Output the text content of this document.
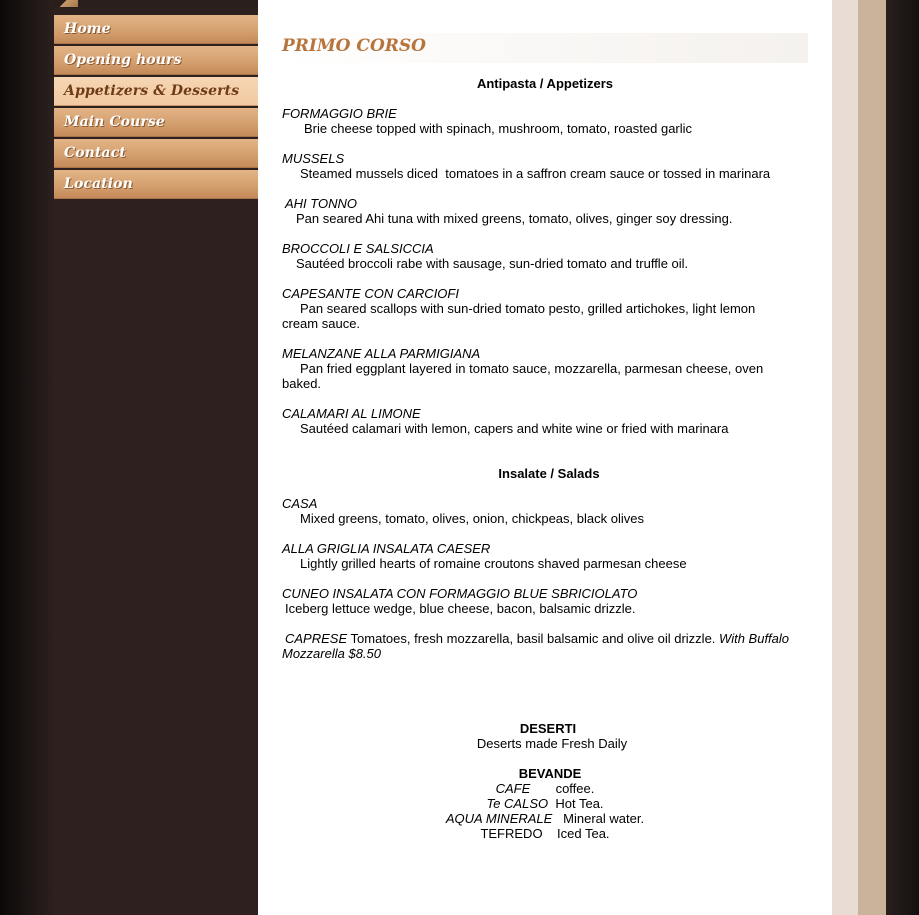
Home
Opening hours
Appetizers & Desserts
Main Course
Contact
Location
PRIMO CORSO
Antipasta / Appetizers
FORMAGGIO BRIE
Brie cheese topped with spinach, mushroom, tomato, roasted garlic
MUSSELS
Steamed mussels diced  tomatoes in a saffron cream sauce or tossed in marinara
AHI TONNO
Pan seared Ahi tuna with mixed greens, tomato, olives, ginger soy dressing.
BROCCOLI E SALSICCIA
Sautéed broccoli rabe with sausage, sun-dried tomato and truffle oil.
CAPESANTE CON CARCIOFI
Pan seared scallops with sun-dried tomato pesto, grilled artichokes, light lemon cream sauce.
MELANZANE ALLA PARMIGIANA
Pan fried eggplant layered in tomato sauce, mozzarella, parmesan cheese, oven baked.
CALAMARI AL LIMONE
Sautéed calamari with lemon, capers and white wine or fried with marinara
Insalate / Salads
CASA
Mixed greens, tomato, olives, onion, chickpeas, black olives
ALLA GRIGLIA INSALATA CAESER
Lightly grilled hearts of romaine croutons shaved parmesan cheese
CUNEO INSALATA CON FORMAGGIO BLUE SBRICIOLATO
Iceberg lettuce wedge, blue cheese, bacon, balsamic drizzle.
CAPRESE Tomatoes, fresh mozzarella, basil balsamic and olive oil drizzle. With Buffalo Mozzarella $8.50
DESERTI
Deserts made Fresh Daily
BEVANDE
CAFE coffee.
Te CALSO Hot Tea.
AQUA MINERALE Mineral water.
TEFREDO Iced Tea.
